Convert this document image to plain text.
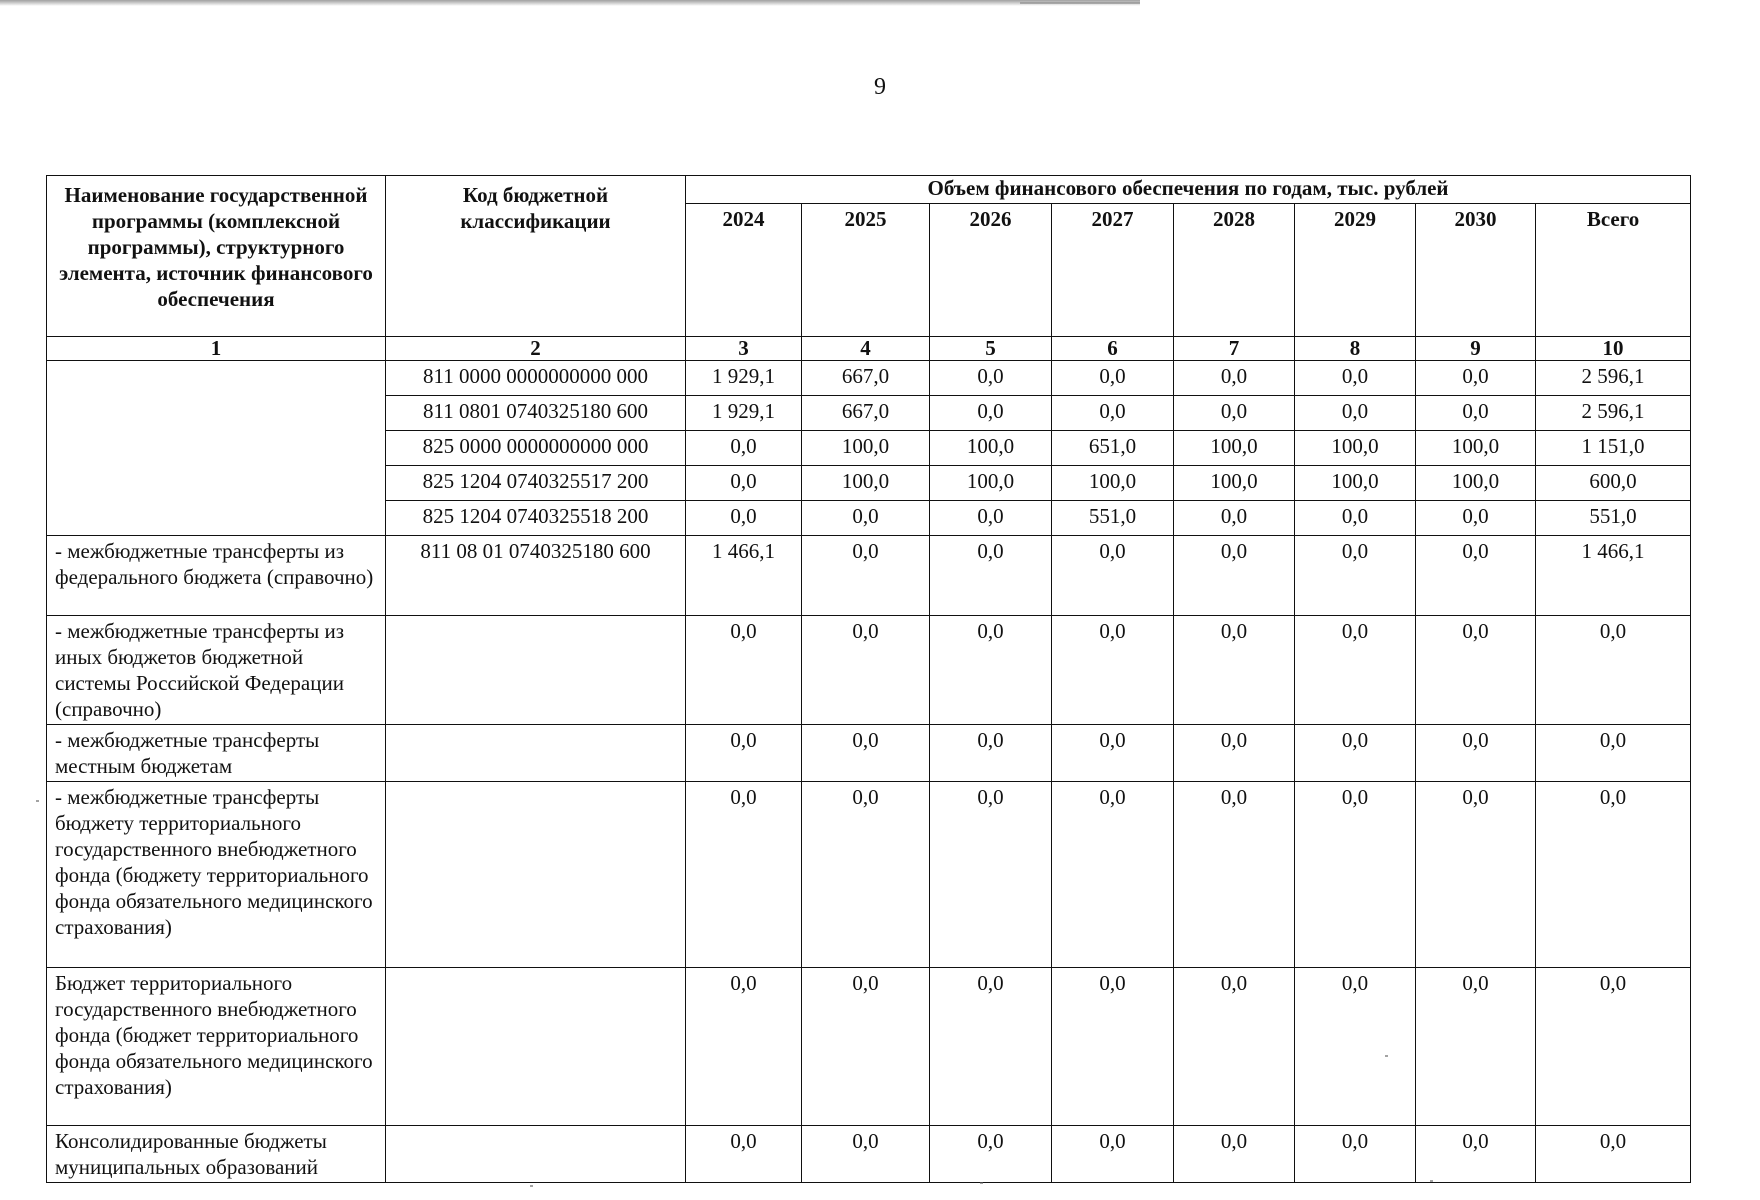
9
Наименование государственной программы (комплексной программы), структурного элемента, источник финансового обеспечения	Код бюджетной классификации	Объем финансового обеспечения по годам, тыс. рублей							
		2024	2025	2026	2027	2028	2029	2030	Всего
1	2	3	4	5	6	7	8	9	10
	811 0000 0000000000 000	1 929,1	667,0	0,0	0,0	0,0	0,0	0,0	2 596,1
	811 0801 0740325180 600	1 929,1	667,0	0,0	0,0	0,0	0,0	0,0	2 596,1
	825 0000 0000000000 000	0,0	100,0	100,0	651,0	100,0	100,0	100,0	1 151,0
	825 1204 0740325517 200	0,0	100,0	100,0	100,0	100,0	100,0	100,0	600,0
	825 1204 0740325518 200	0,0	0,0	0,0	551,0	0,0	0,0	0,0	551,0
- межбюджетные трансферты из федерального бюджета (справочно)	811 08 01 0740325180 600	1 466,1	0,0	0,0	0,0	0,0	0,0	0,0	1 466,1
- межбюджетные трансферты из иных бюджетов бюджетной системы Российской Федерации (справочно)		0,0	0,0	0,0	0,0	0,0	0,0	0,0	0,0
- межбюджетные трансферты местным бюджетам		0,0	0,0	0,0	0,0	0,0	0,0	0,0	0,0
- межбюджетные трансферты бюджету территориального государственного внебюджетного фонда (бюджету территориального фонда обязательного медицинского страхования)		0,0	0,0	0,0	0,0	0,0	0,0	0,0	0,0
Бюджет территориального государственного внебюджетного фонда (бюджет территориального фонда обязательного медицинского страхования)		0,0	0,0	0,0	0,0	0,0	0,0	0,0	0,0
Консолидированные бюджеты муниципальных образований		0,0	0,0	0,0	0,0	0,0	0,0	0,0	0,0
